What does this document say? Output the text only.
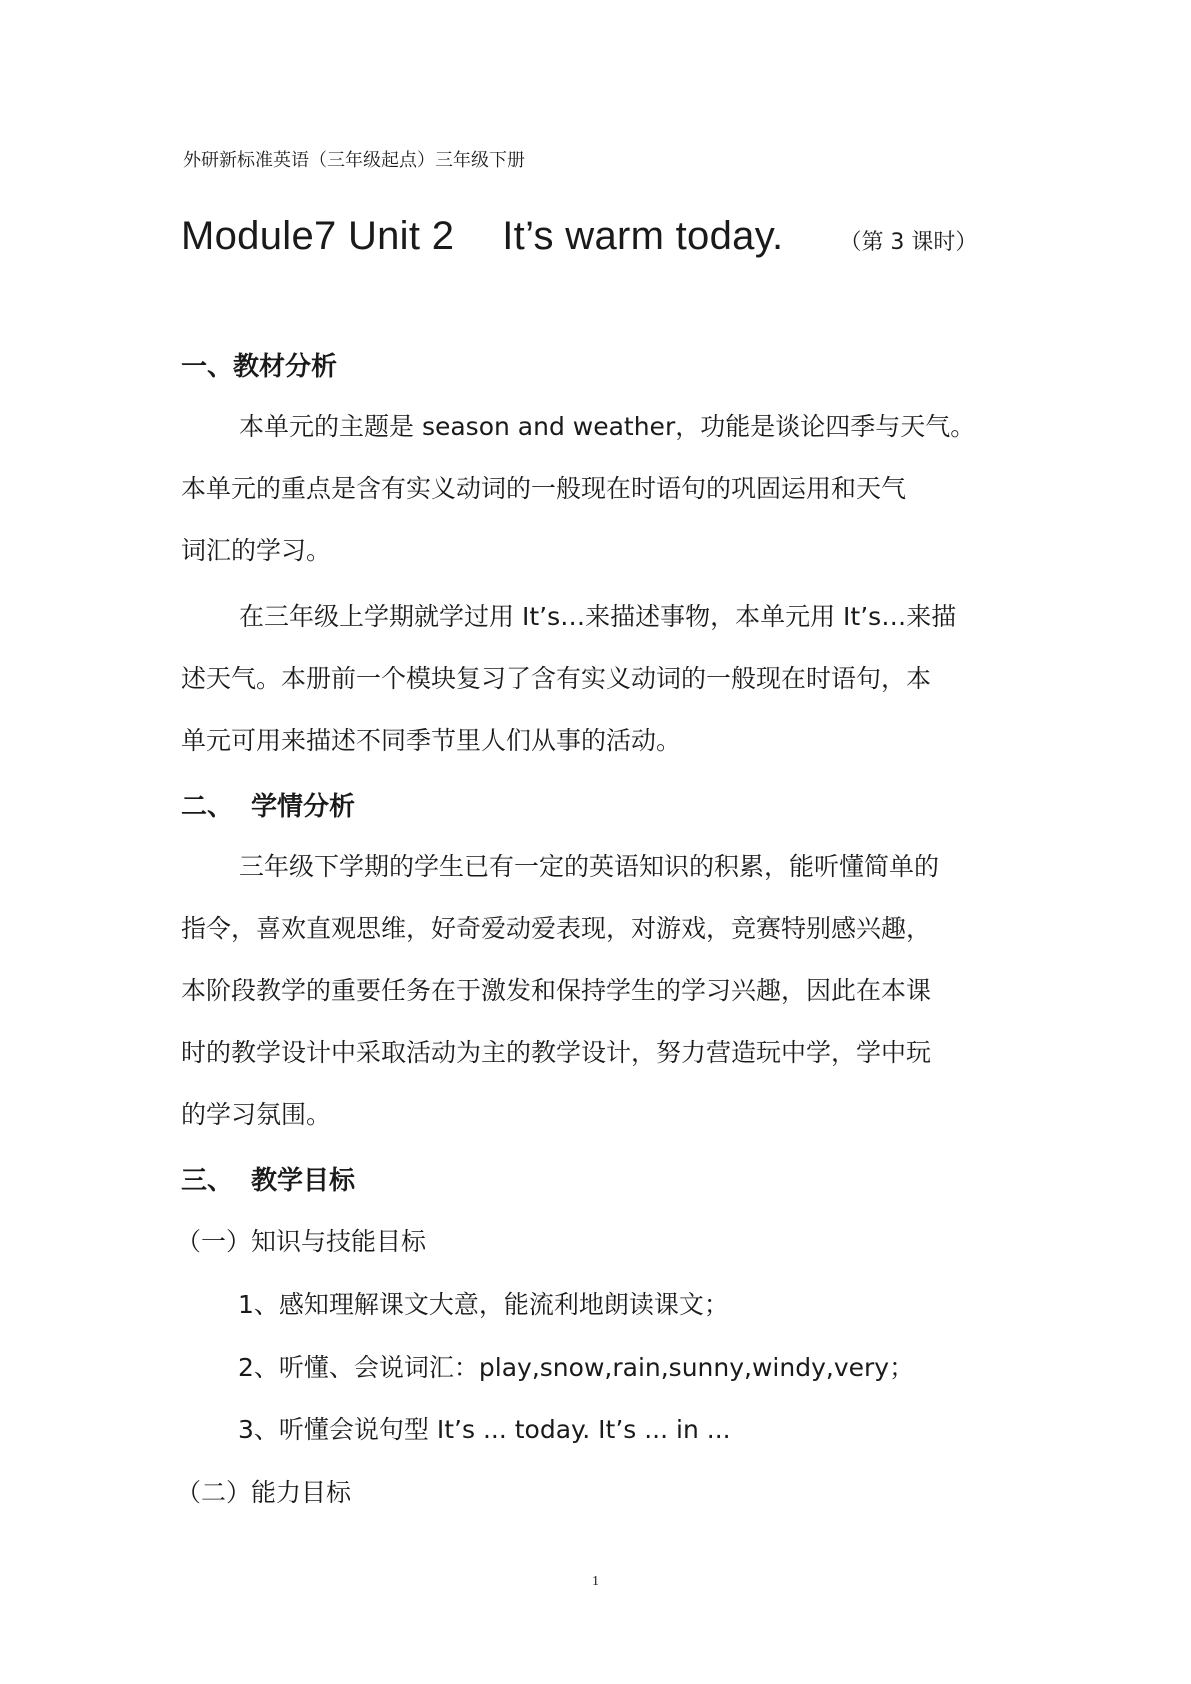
外研新标准英语（三年级起点）三年级下册
Module7 Unit 2 It’s warm today.	（第 3 课时）
一、教材分析
本单元的主题是 season and weather，功能是谈论四季与天气。
本单元的重点是含有实义动词的一般现在时语句的巩固运用和天气
词汇的学习。
在三年级上学期就学过用 It’s…来描述事物，本单元用 It’s…来描
述天气。本册前一个模块复习了含有实义动词的一般现在时语句，本
单元可用来描述不同季节里人们从事的活动。
二、 学情分析
三年级下学期的学生已有一定的英语知识的积累，能听懂简单的
指令，喜欢直观思维，好奇爱动爱表现，对游戏，竞赛特别感兴趣，
本阶段教学的重要任务在于激发和保持学生的学习兴趣，因此在本课
时的教学设计中采取活动为主的教学设计，努力营造玩中学，学中玩
的学习氛围。
三、 教学目标
（一）知识与技能目标
1、感知理解课文大意，能流利地朗读课文；
2、听懂、会说词汇：play,snow,rain,sunny,windy,very；
3、听懂会说句型 It’s ... today. It’s ... in ...
（二）能力目标
1
